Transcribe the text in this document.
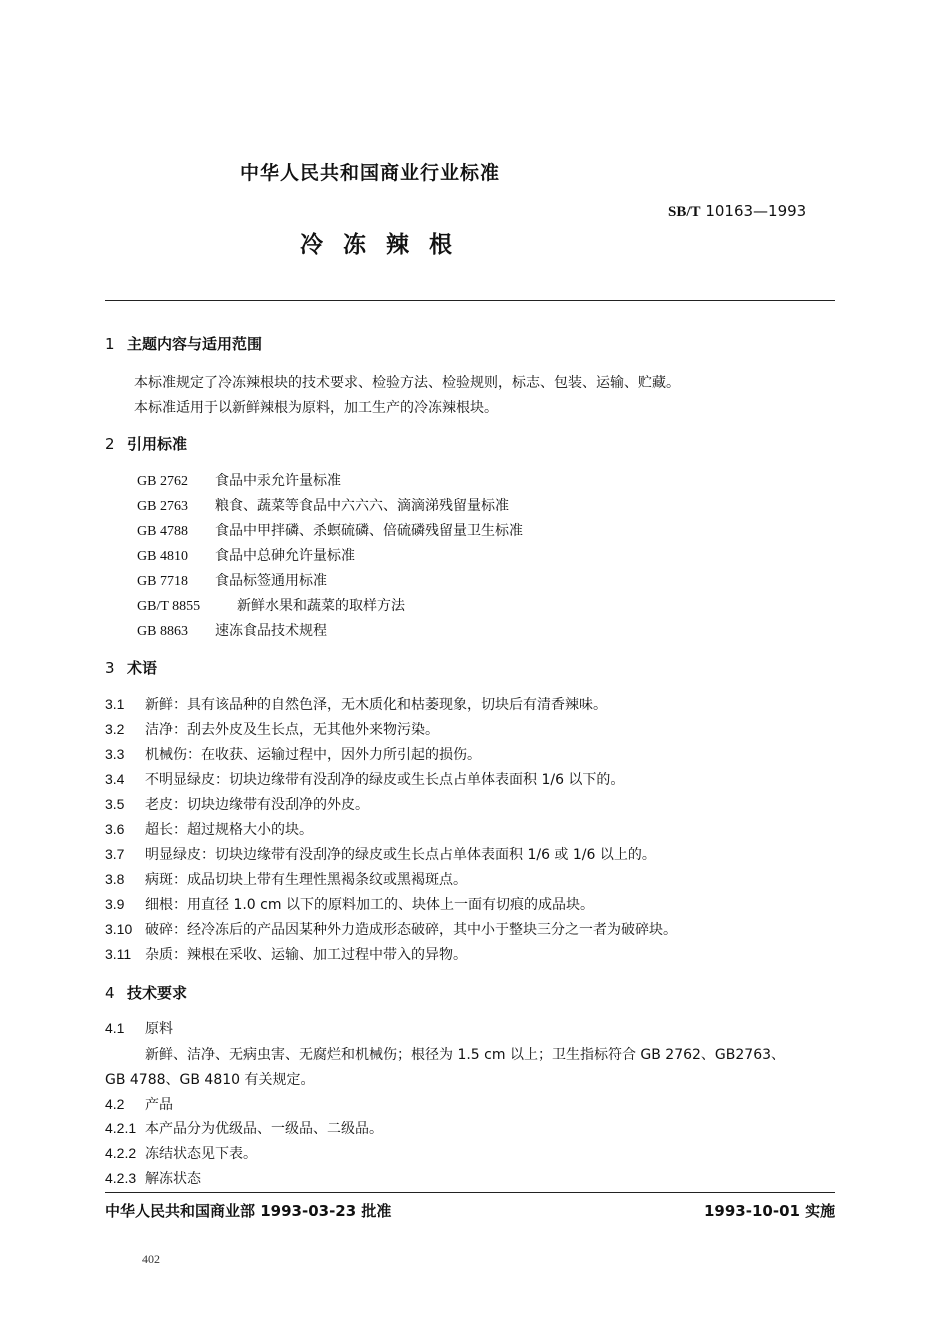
中华人民共和国商业行业标准
SB/T 10163—1993
冷冻辣根
1 主题内容与适用范围
本标准规定了冷冻辣根块的技术要求、检验方法、检验规则，标志、包装、运输、贮藏。
本标准适用于以新鲜辣根为原料，加工生产的冷冻辣根块。
2 引用标准
GB 2762 食品中汞允许量标准
GB 2763 粮食、蔬菜等食品中六六六、滴滴涕残留量标准
GB 4788 食品中甲拌磷、杀螟硫磷、倍硫磷残留量卫生标准
GB 4810 食品中总砷允许量标准
GB 7718 食品标签通用标准
GB/T 8855	新鲜水果和蔬菜的取样方法
GB 8863 速冻食品技术规程
3 术语
3.1 新鲜：具有该品种的自然色泽，无木质化和枯萎现象，切块后有清香辣味。
3.2 洁净：刮去外皮及生长点，无其他外来物污染。
3.3 机械伤：在收获、运输过程中，因外力所引起的损伤。
3.4 不明显绿皮：切块边缘带有没刮净的绿皮或生长点占单体表面积 1/6 以下的。
3.5 老皮：切块边缘带有没刮净的外皮。
3.6 超长：超过规格大小的块。
3.7 明显绿皮：切块边缘带有没刮净的绿皮或生长点占单体表面积 1/6 或 1/6 以上的。
3.8 病斑：成品切块上带有生理性黑褐条纹或黑褐斑点。
3.9 细根：用直径 1.0 cm 以下的原料加工的、块体上一面有切痕的成品块。
3.10 破碎：经冷冻后的产品因某种外力造成形态破碎，其中小于整块三分之一者为破碎块。
3.11 杂质：辣根在采收、运输、加工过程中带入的异物。
4 技术要求
4.1 原料
新鲜、洁净、无病虫害、无腐烂和机械伤；根径为 1.5 cm 以上；卫生指标符合 GB 2762、GB2763、
GB 4788、GB 4810 有关规定。
4.2 产品
4.2.1 本产品分为优级品、一级品、二级品。
4.2.2 冻结状态见下表。
4.2.3 解冻状态
中华人民共和国商业部 1993-03-23 批准	1993-10-01 实施
402
